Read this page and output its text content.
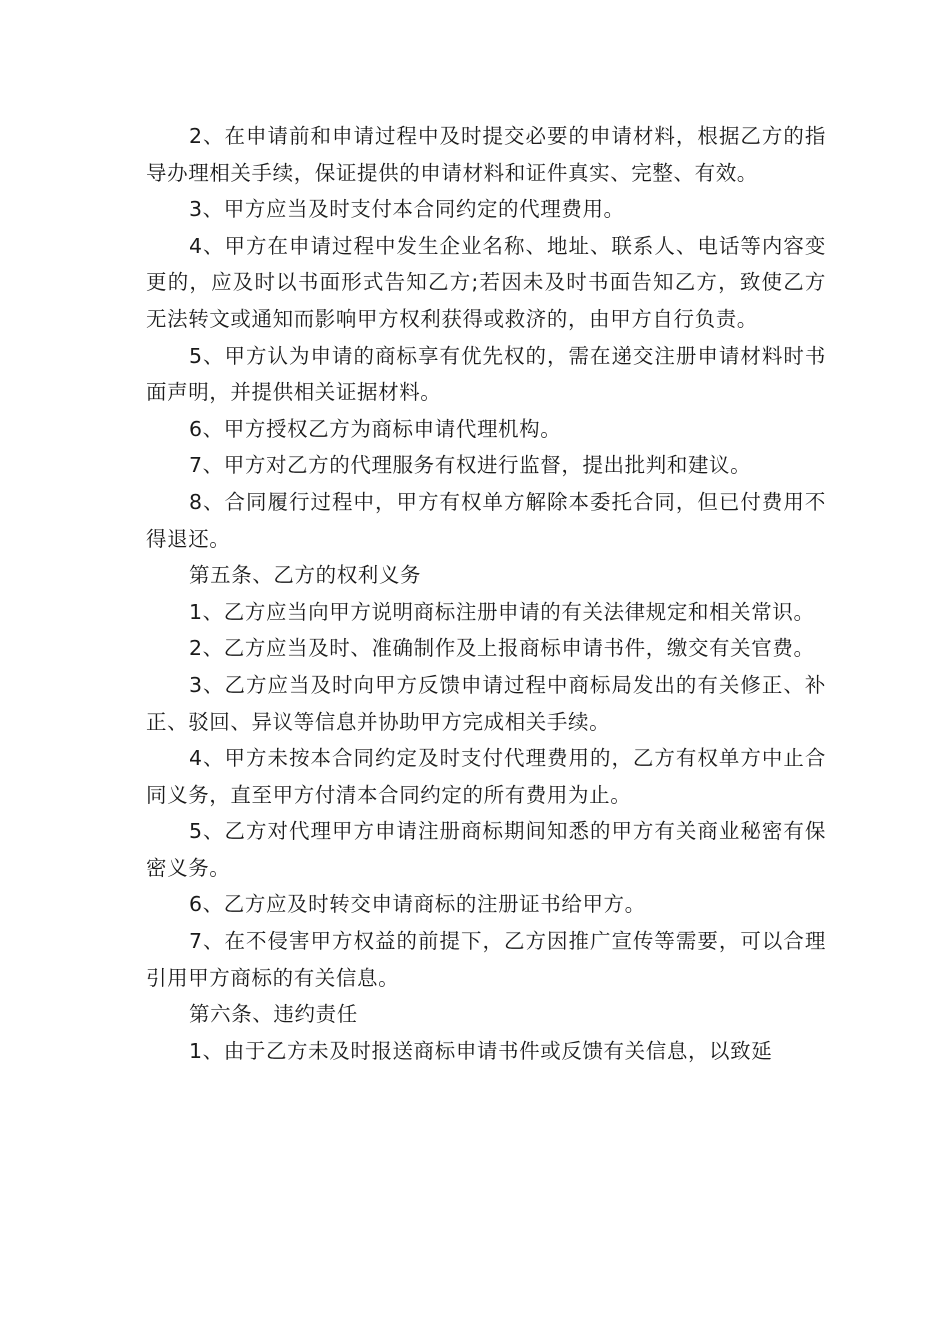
2、在申请前和申请过程中及时提交必要的申请材料，根据乙方的指导办理相关手续，保证提供的申请材料和证件真实、完整、有效。

3、甲方应当及时支付本合同约定的代理费用。

4、甲方在申请过程中发生企业名称、地址、联系人、电话等内容变更的，应及时以书面形式告知乙方;若因未及时书面告知乙方，致使乙方无法转文或通知而影响甲方权利获得或救济的，由甲方自行负责。

5、甲方认为申请的商标享有优先权的，需在递交注册申请材料时书面声明，并提供相关证据材料。

6、甲方授权乙方为商标申请代理机构。

7、甲方对乙方的代理服务有权进行监督，提出批判和建议。

8、合同履行过程中，甲方有权单方解除本委托合同，但已付费用不得退还。

第五条、乙方的权利义务

1、乙方应当向甲方说明商标注册申请的有关法律规定和相关常识。

2、乙方应当及时、准确制作及上报商标申请书件，缴交有关官费。

3、乙方应当及时向甲方反馈申请过程中商标局发出的有关修正、补正、驳回、异议等信息并协助甲方完成相关手续。

4、甲方未按本合同约定及时支付代理费用的，乙方有权单方中止合同义务，直至甲方付清本合同约定的所有费用为止。

5、乙方对代理甲方申请注册商标期间知悉的甲方有关商业秘密有保密义务。

6、乙方应及时转交申请商标的注册证书给甲方。

7、在不侵害甲方权益的前提下，乙方因推广宣传等需要，可以合理引用甲方商标的有关信息。

第六条、违约责任

1、由于乙方未及时报送商标申请书件或反馈有关信息，以致延
